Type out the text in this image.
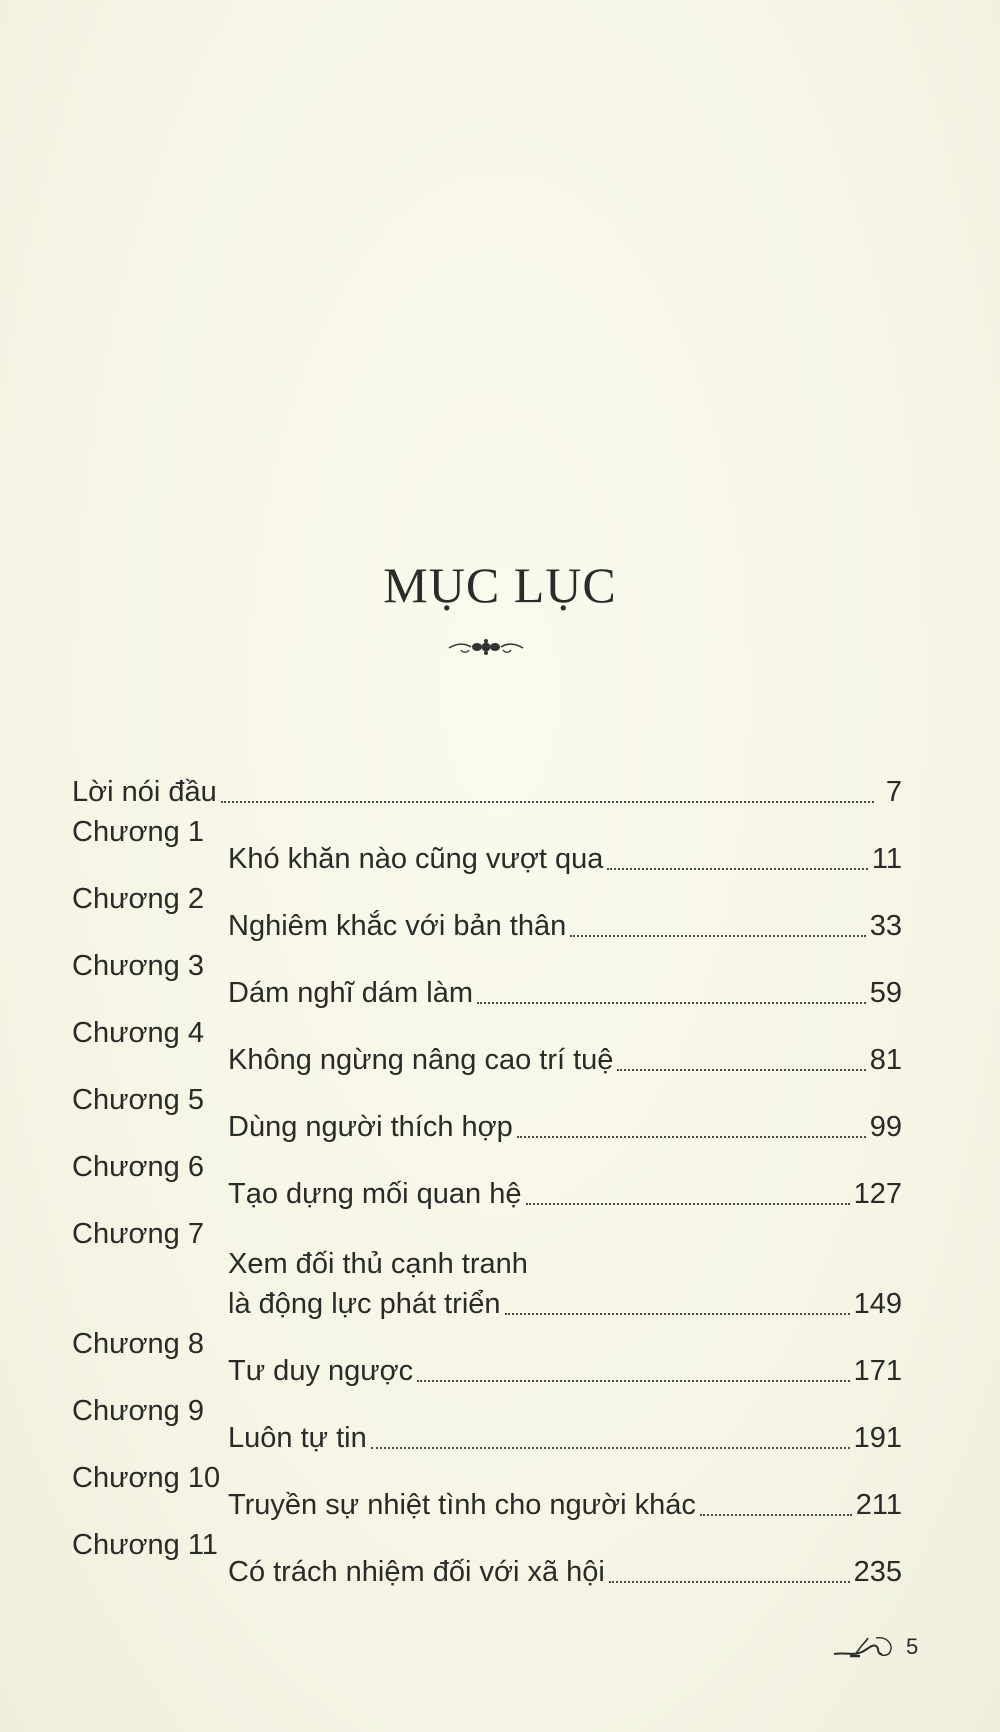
MỤC LỤC
Lời nói đầu	7
Chương 1
Khó khăn nào cũng vượt qua	11
Chương 2
Nghiêm khắc với bản thân	33
Chương 3
Dám nghĩ dám làm	59
Chương 4
Không ngừng nâng cao trí tuệ	81
Chương 5
Dùng người thích hợp	99
Chương 6
Tạo dựng mối quan hệ	127
Chương 7
Xem đối thủ cạnh tranh
là động lực phát triển	149
Chương 8
Tư duy ngược	171
Chương 9
Luôn tự tin	191
Chương 10
Truyền sự nhiệt tình cho người khác	211
Chương 11
Có trách nhiệm đối với xã hội	235
5
